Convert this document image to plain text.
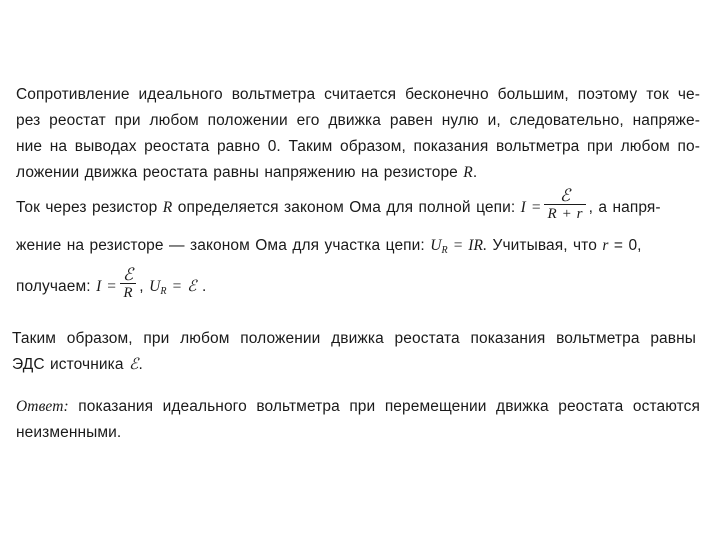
Сопротивление идеального вольтметра считается бесконечно большим, поэтому ток че-
рез реостат при любом положении его движка равен нулю и, следовательно, напряже-
ние на выводах реостата равно 0. Таким образом, показания вольтметра при любом по-
ложении движка реостата равны напряжению на резисторе R.
Ток через резистор R определяется законом Ома для полной цепи: $I = \frac{\text{ℰ}}{R + r}$ , а напря-
жение на резисторе — законом Ома для участка цепи: $U_R$ = IR. Учитывая, что r = 0,
получаем: $I = \frac{\text{ℰ}}{R}$ , $U_R$ = ℰ .
Таким образом, при любом положении движка реостата показания вольтметра равны
ЭДС источника ℰ.
Ответ: показания идеального вольтметра при перемещении движка реостата остаются
неизменными.
